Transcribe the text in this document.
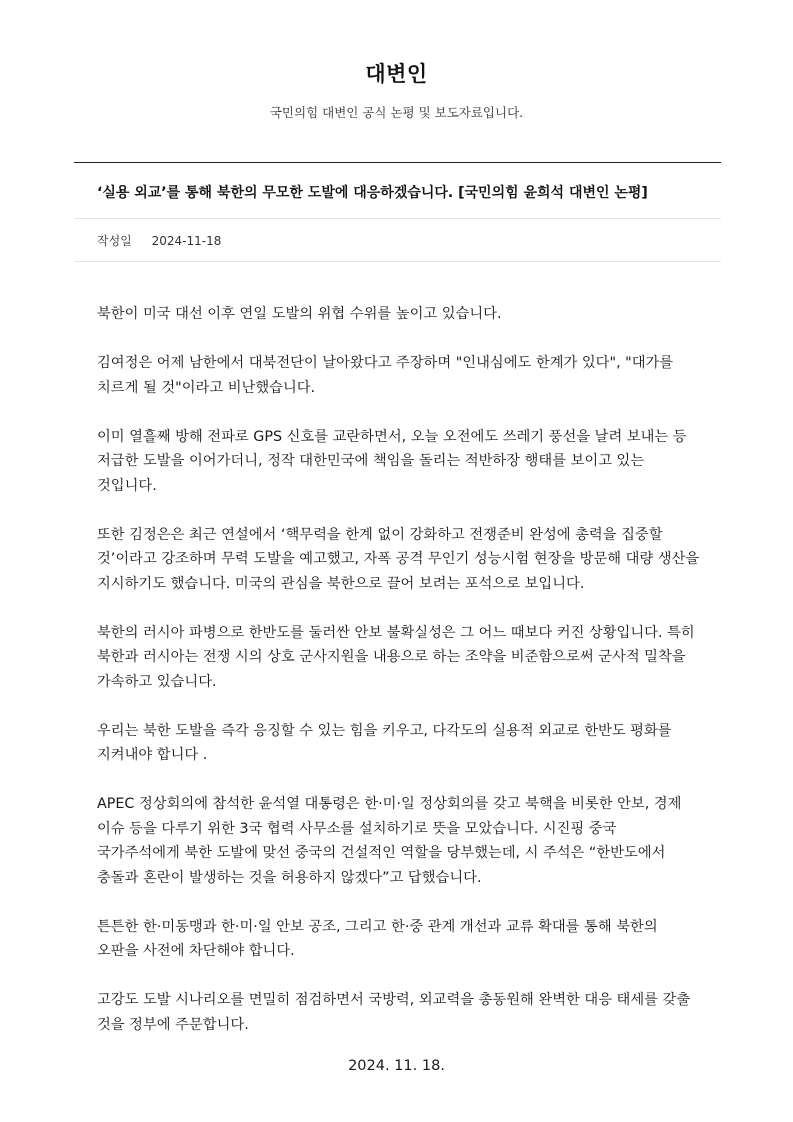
대변인
국민의힘 대변인 공식 논평 및 보도자료입니다.
‘실용 외교’를 통해 북한의 무모한 도발에 대응하겠습니다. [국민의힘 윤희석 대변인 논평]
작성일 2024-11-18

북한이 미국 대선 이후 연일 도발의 위협 수위를 높이고 있습니다.

김여정은 어제 남한에서 대북전단이 날아왔다고 주장하며 "인내심에도 한계가 있다", "대가를 치르게 될 것"이라고 비난했습니다.

이미 열흘째 방해 전파로 GPS 신호를 교란하면서, 오늘 오전에도 쓰레기 풍선을 날려 보내는 등 저급한 도발을 이어가더니, 정작 대한민국에 책임을 돌리는 적반하장 행태를 보이고 있는 것입니다.

또한 김정은은 최근 연설에서 ‘핵무력을 한계 없이 강화하고 전쟁준비 완성에 총력을 집중할 것’이라고 강조하며 무력 도발을 예고했고, 자폭 공격 무인기 성능시험 현장을 방문해 대량 생산을 지시하기도 했습니다. 미국의 관심을 북한으로 끌어 보려는 포석으로 보입니다.

북한의 러시아 파병으로 한반도를 둘러싼 안보 불확실성은 그 어느 때보다 커진 상황입니다. 특히 북한과 러시아는 전쟁 시의 상호 군사지원을 내용으로 하는 조약을 비준함으로써 군사적 밀착을 가속하고 있습니다.

우리는 북한 도발을 즉각 응징할 수 있는 힘을 키우고, 다각도의 실용적 외교로 한반도 평화를 지켜내야 합니다 .

APEC 정상회의에 참석한 윤석열 대통령은 한·미·일 정상회의를 갖고 북핵을 비롯한 안보, 경제 이슈 등을 다루기 위한 3국 협력 사무소를 설치하기로 뜻을 모았습니다. 시진핑 중국 국가주석에게 북한 도발에 맞선 중국의 건설적인 역할을 당부했는데, 시 주석은 “한반도에서 충돌과 혼란이 발생하는 것을 허용하지 않겠다”고 답했습니다.

튼튼한 한·미동맹과 한·미·일 안보 공조, 그리고 한·중 관계 개선과 교류 확대를 통해 북한의 오판을 사전에 차단해야 합니다.

고강도 도발 시나리오를 면밀히 점검하면서 국방력, 외교력을 총동원해 완벽한 대응 태세를 갖출 것을 정부에 주문합니다.

2024. 11. 18.
